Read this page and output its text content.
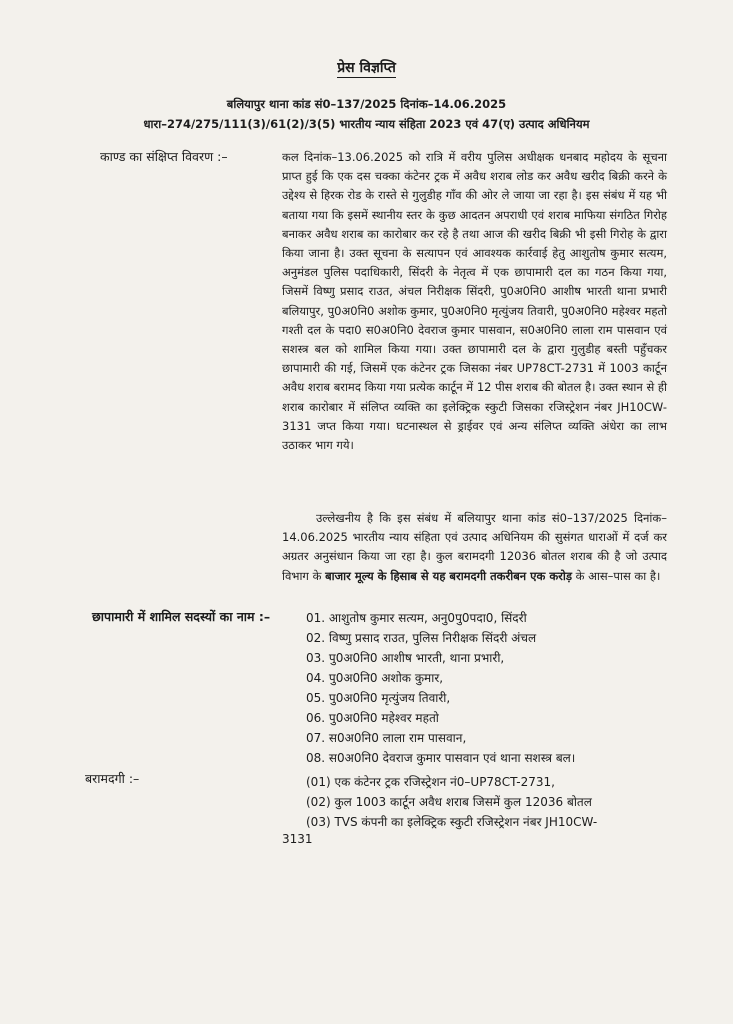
प्रेस विज्ञप्ति
बलियापुर थाना कांड सं0–137/2025 दिनांक–14.06.2025
धारा–274/275/111(3)/61(2)/3(5) भारतीय न्याय संहिता 2023 एवं 47(ए) उत्पाद अधिनियम
काण्ड का संक्षिप्त विवरण :–	कल दिनांक–13.06.2025 को रात्रि में वरीय पुलिस अधीक्षक धनबाद महोदय के सूचना प्राप्त हुई कि एक दस चक्का कंटेनर ट्रक में अवैध शराब लोड कर अवैध खरीद बिक्री करने के उद्देश्य से हिरक रोड के रास्ते से गुलुडीह गाँव की ओर ले जाया जा रहा है। इस संबंध में यह भी बताया गया कि इसमें स्थानीय स्तर के कुछ आदतन अपराधी एवं शराब माफिया संगठित गिरोह बनाकर अवैध शराब का कारोबार कर रहे है तथा आज की खरीद बिक्री भी इसी गिरोह के द्वारा किया जाना है। उक्त सूचना के सत्यापन एवं आवश्यक कार्रवाई हेतु आशुतोष कुमार सत्यम, अनुमंडल पुलिस पदाधिकारी, सिंदरी के नेतृत्व में एक छापामारी दल का गठन किया गया, जिसमें विष्णु प्रसाद राउत, अंचल निरीक्षक सिंदरी, पु0अ0नि0 आशीष भारती थाना प्रभारी बलियापुर, पु0अ0नि0 अशोक कुमार, पु0अ0नि0 मृत्युंजय तिवारी, पु0अ0नि0 महेश्वर महतो गश्ती दल के पदा0 स0अ0नि0 देवराज कुमार पासवान, स0अ0नि0 लाला राम पासवान एवं सशस्त्र बल को शामिल किया गया। उक्त छापामारी दल के द्वारा गुलुडीह बस्ती पहुँचकर छापामारी की गई, जिसमें एक कंटेनर ट्रक जिसका नंबर UP78CT-2731 में 1003 कार्टून अवैध शराब बरामद किया गया प्रत्येक कार्टून में 12 पीस शराब की बोतल है। उक्त स्थान से ही शराब कारोबार में संलिप्त व्यक्ति का इलेक्ट्रिक स्कुटी जिसका रजिस्ट्रेशन नंबर JH10CW-3131 जप्त किया गया। घटनास्थल से ड्राईवर एवं अन्य संलिप्त व्यक्ति अंधेरा का लाभ उठाकर भाग गये।
उल्लेखनीय है कि इस संबंध में बलियापुर थाना कांड सं0–137/2025 दिनांक–14.06.2025 भारतीय न्याय संहिता एवं उत्पाद अधिनियम की सुसंगत धाराओं में दर्ज कर अग्रतर अनुसंधान किया जा रहा है। कुल बरामदगी 12036 बोतल शराब की है जो उत्पाद विभाग के बाजार मूल्य के हिसाब से यह बरामदगी तकरीबन एक करोड़ के आस–पास का है।
छापामारी में शामिल सदस्यों का नाम :–	01. आशुतोष कुमार सत्यम, अनु0पु0पदा0, सिंदरी
02. विष्णु प्रसाद राउत, पुलिस निरीक्षक सिंदरी अंचल
03. पु0अ0नि0 आशीष भारती, थाना प्रभारी,
04. पु0अ0नि0 अशोक कुमार,
05. पु0अ0नि0 मृत्युंजय तिवारी,
06. पु0अ0नि0 महेश्वर महतो
07. स0अ0नि0 लाला राम पासवान,
08. स0अ0नि0 देवराज कुमार पासवान एवं थाना सशस्त्र बल।
बरामदगी :–	(01) एक कंटेनर ट्रक रजिस्ट्रेशन नं0–UP78CT-2731,
(02) कुल 1003 कार्टून अवैध शराब जिसमें कुल 12036 बोतल
(03) TVS कंपनी का इलेक्ट्रिक स्कुटी रजिस्ट्रेशन नंबर JH10CW-
3131
